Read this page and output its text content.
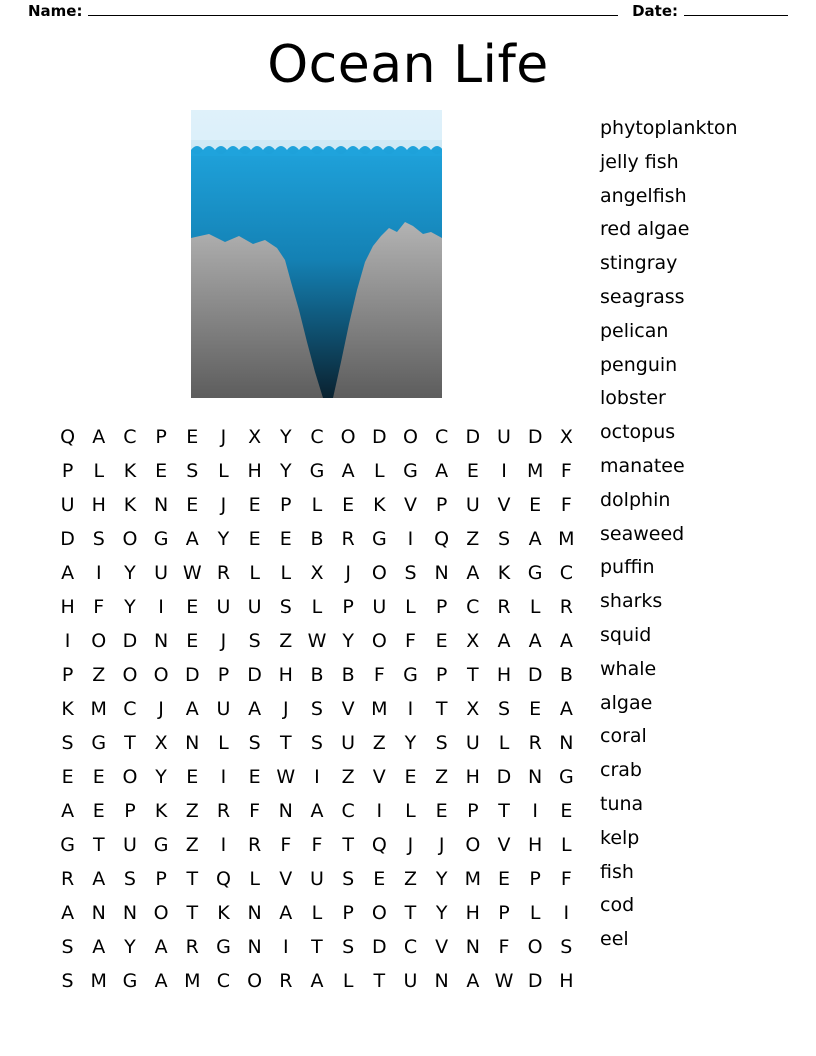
Name:	Date:
Ocean Life
Q A C P	E	J	X Y C O D O C D U D X
P	L	K E	S	L H Y G A	L G A E	I	M F
U H K N E	J	E	P	L	E K V P U V E	F
D S O G A Y	E	E B R G	I	Q Z S A M
A	I	Y U W R	L	L	X	J	O S N A K G C
H F	Y	I	E U U S	L	P U L	P C R	L	R
I	O D N E	J	S Z W Y O F	E X A A A
P Z O O D P D H B B	F G P	T H D B
K M C	J	A U A	J	S V M	I	T X S	E A
S G T X N L	S	T	S U Z Y	S U L	R N
E	E O Y	E	I	E W I	Z V E Z H D N G
A E	P	K Z R	F N A C	I	L	E	P	T	I	E
G T U G Z	I	R	F	F	T Q	J	J	O V H L
R A S	P	T Q L	V U S	E Z Y M E	P	F
A N N O T	K N A	L	P O T	Y H P	L	I
S A Y A R G N	I	T	S D C V N F O S
S M G A M C O R A	L	T U N A W D H
phytoplankton
jelly fish
angelfish
red algae
stingray
seagrass
pelican
penguin
lobster
octopus
manatee
dolphin
seaweed
puffin
sharks
squid
whale
algae
coral
crab
tuna
kelp
fish
cod
eel
